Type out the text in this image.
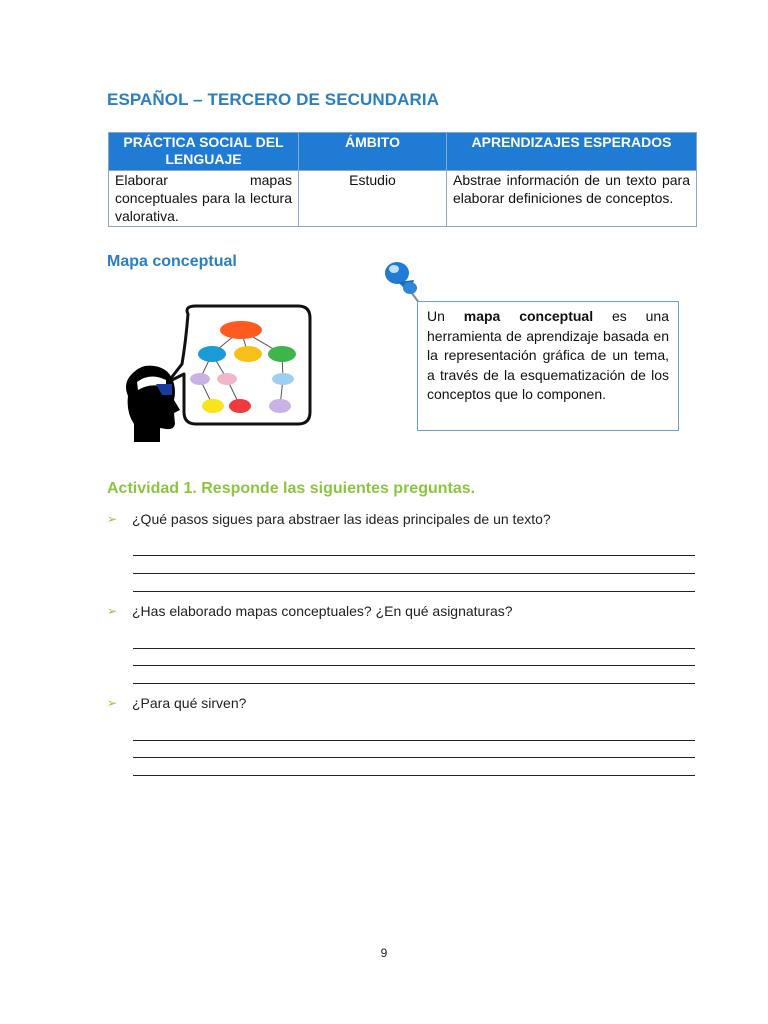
ESPAÑOL – TERCERO DE SECUNDARIA
PRÁCTICA SOCIAL DEL LENGUAJE	ÁMBITO	APRENDIZAJES ESPERADOS
Elaborar mapas conceptuales para la lectura valorativa.	Estudio	Abstrae información de un texto para elaborar definiciones de conceptos.
Mapa conceptual
Un mapa conceptual es una herramienta de aprendizaje basada en la representación gráfica de un tema, a través de la esquematización de los conceptos que lo componen.
Actividad 1. Responde las siguientes preguntas.
➢	¿Qué pasos sigues para abstraer las ideas principales de un texto?
➢	¿Has elaborado mapas conceptuales? ¿En qué asignaturas?
➢	¿Para qué sirven?
9
